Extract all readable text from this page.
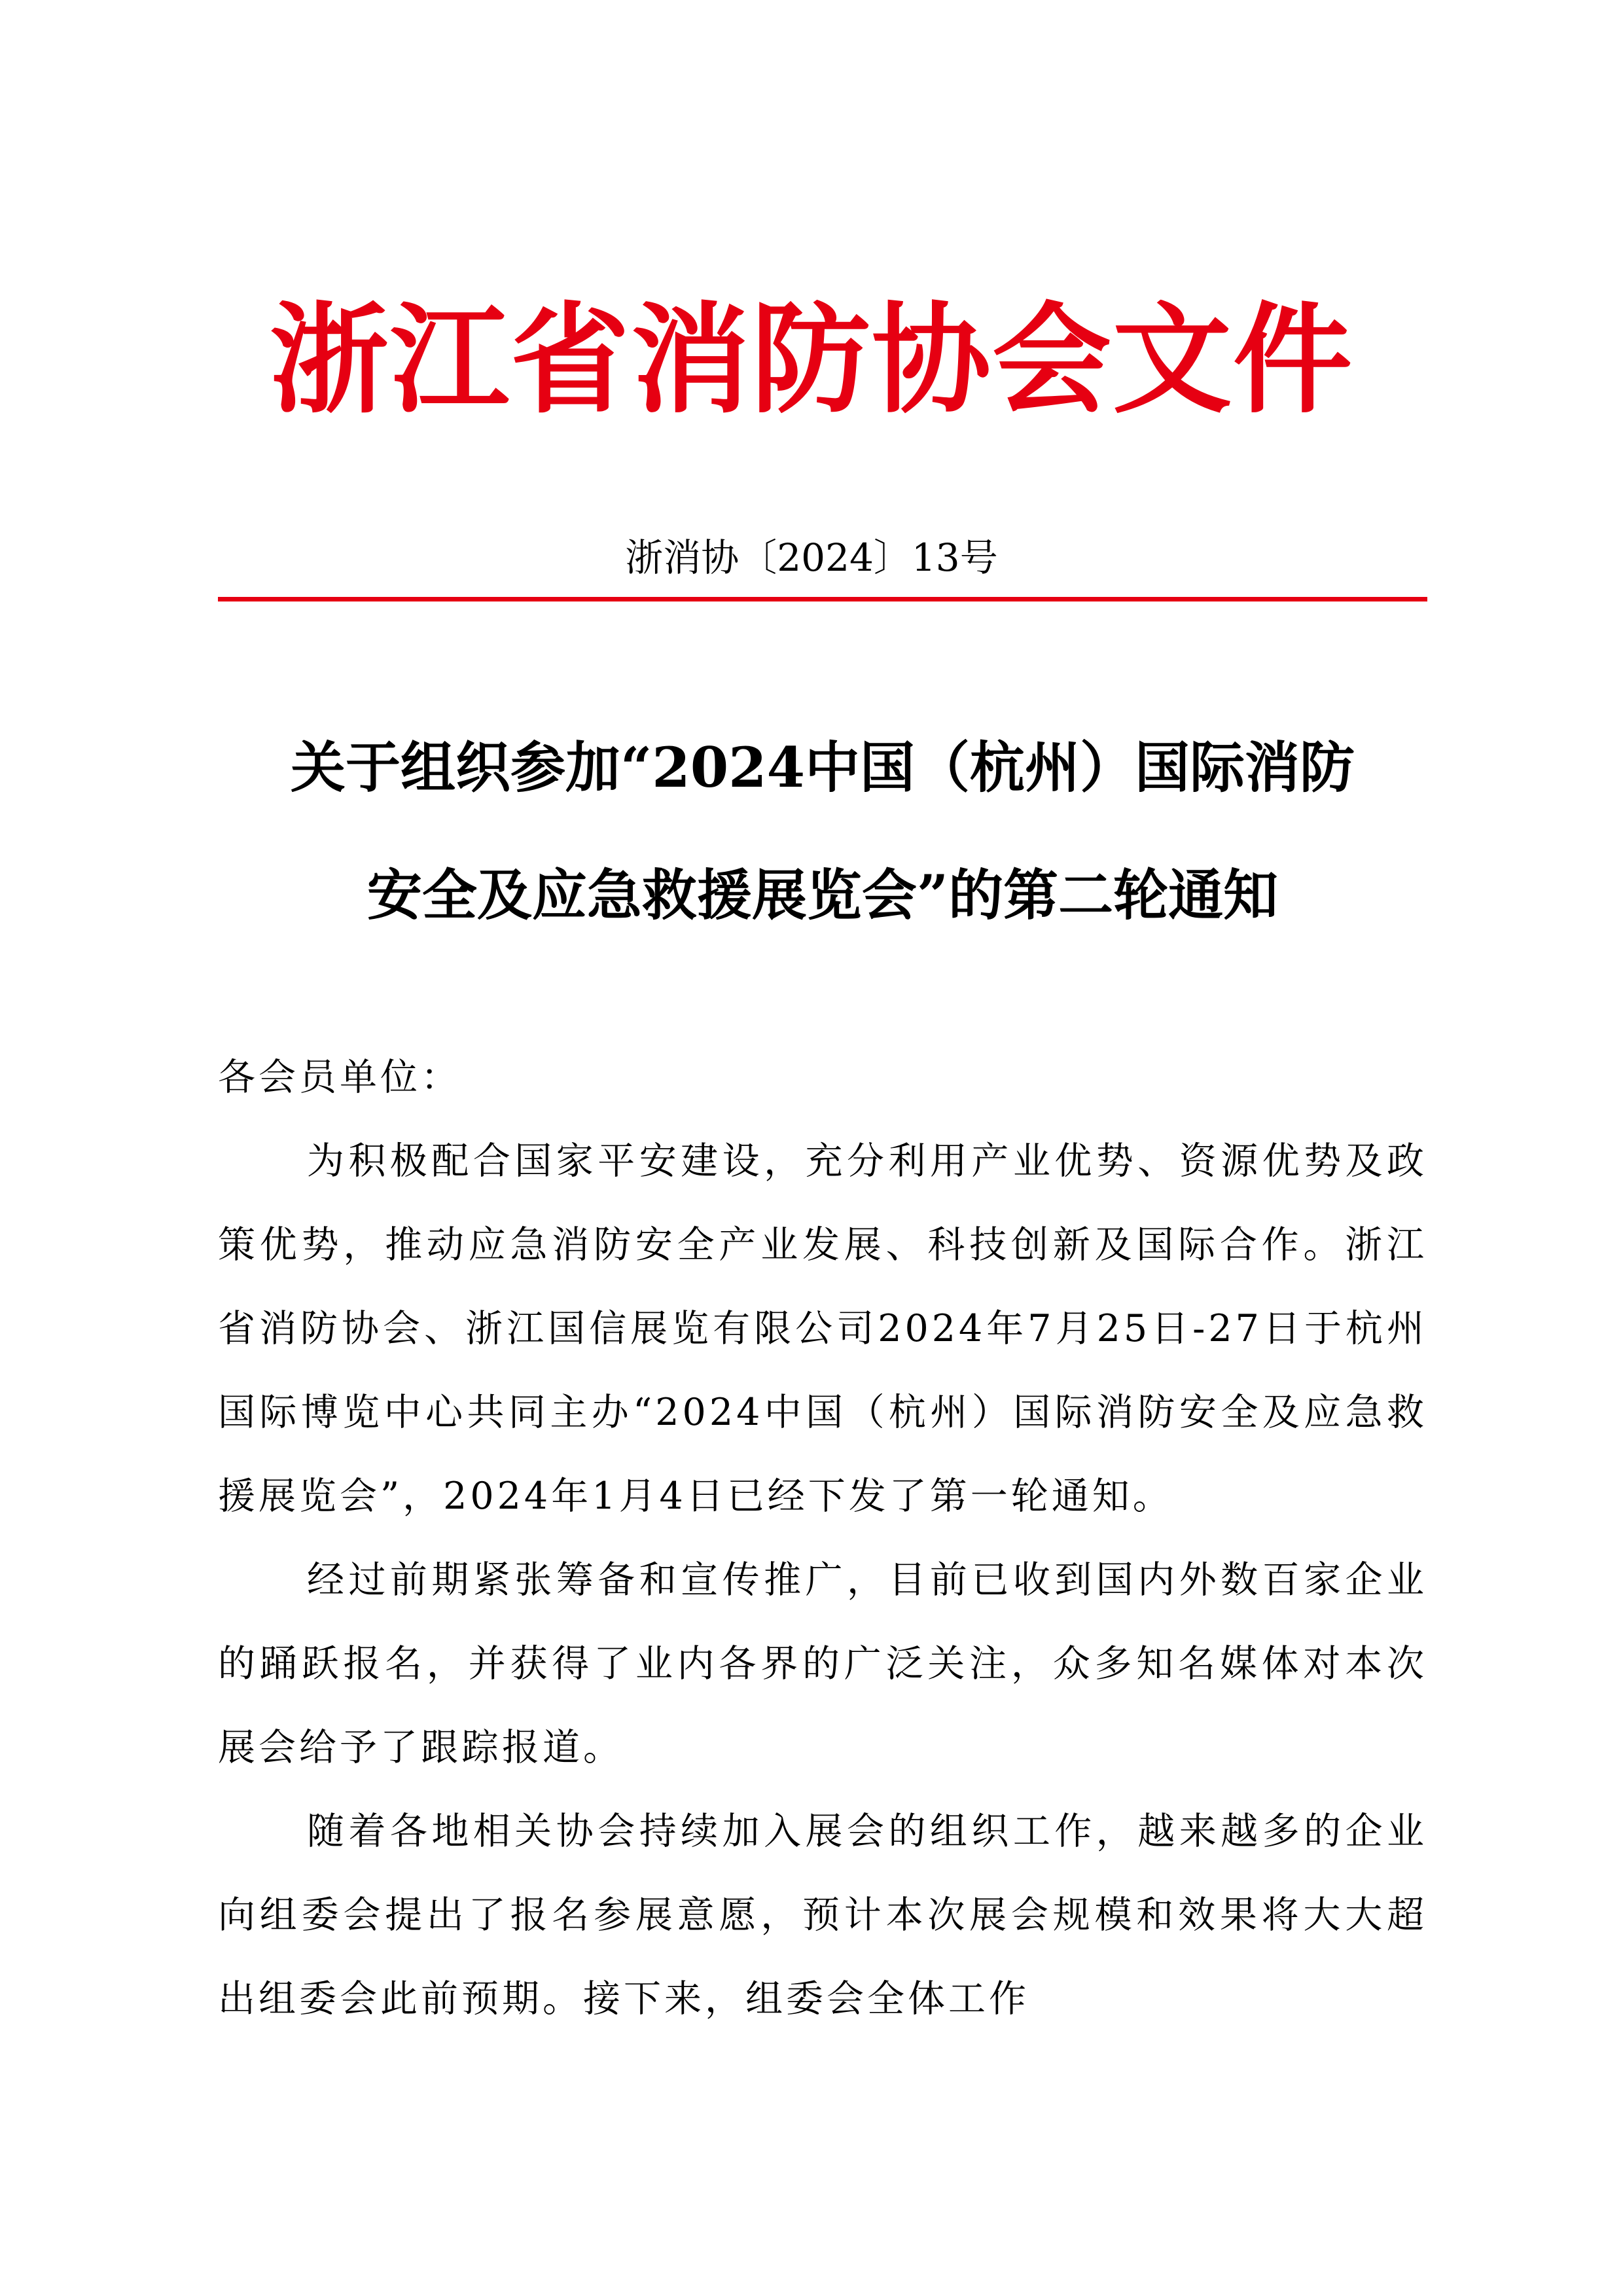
浙江省消防协会文件
浙消协〔2024〕13号
关于组织参加“2024中国（杭州）国际消防
安全及应急救援展览会”的第二轮通知

各会员单位：

为积极配合国家平安建设，充分利用产业优势、资源优势及政策优势，推动应急消防安全产业发展、科技创新及国际合作。浙江省消防协会、浙江国信展览有限公司2024年7月25日-27日于杭州国际博览中心共同主办“2024中国（杭州）国际消防安全及应急救援展览会”，2024年1月4日已经下发了第一轮通知。

经过前期紧张筹备和宣传推广，目前已收到国内外数百家企业的踊跃报名，并获得了业内各界的广泛关注，众多知名媒体对本次展会给予了跟踪报道。

随着各地相关协会持续加入展会的组织工作，越来越多的企业向组委会提出了报名参展意愿，预计本次展会规模和效果将大大超出组委会此前预期。接下来，组委会全体工作
